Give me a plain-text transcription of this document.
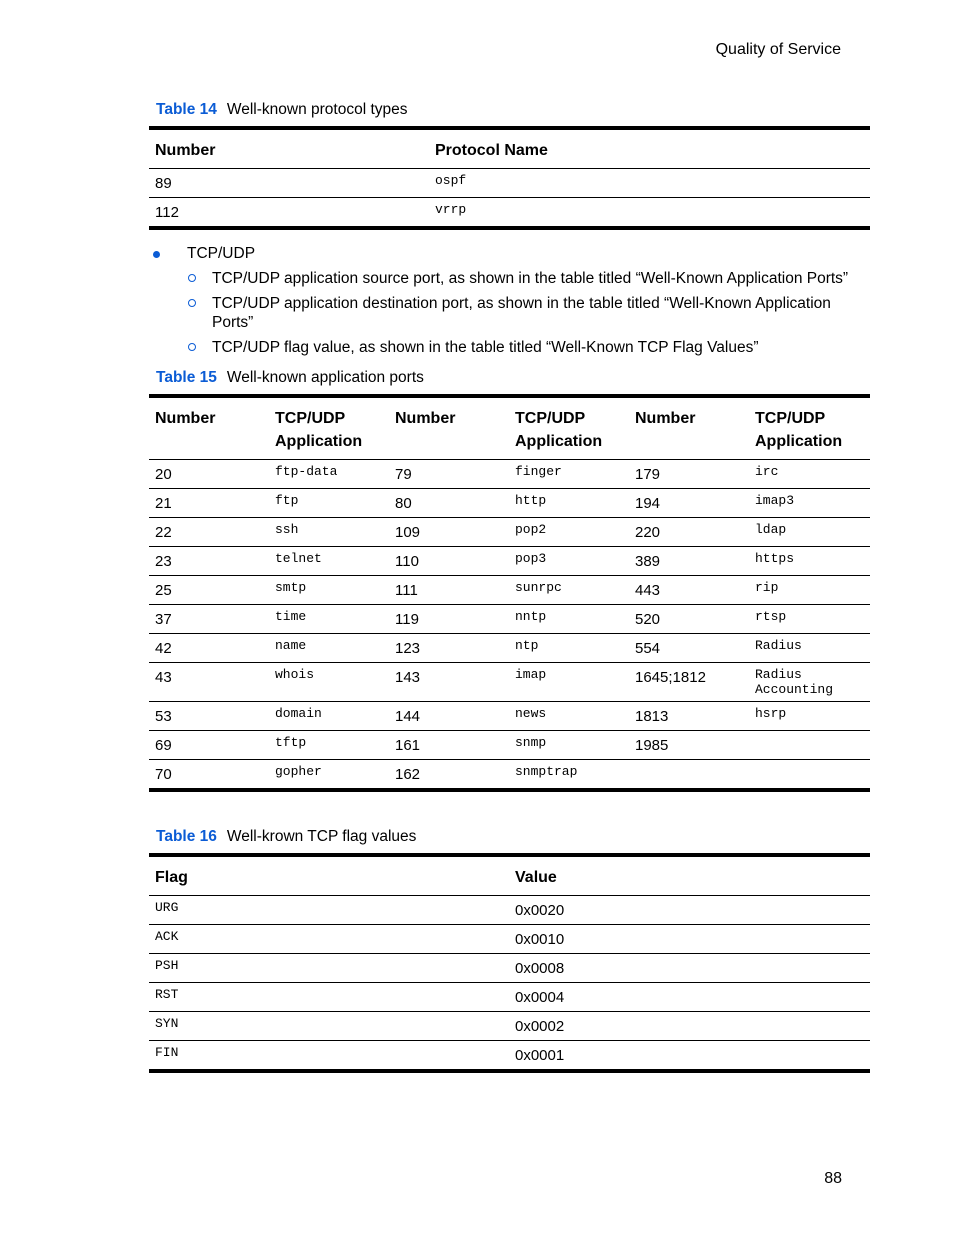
Quality of Service
Table 14 Well-known protocol types
Number	Protocol Name
89	ospf
112	vrrp
TCP/UDP
TCP/UDP application source port, as shown in the table titled “Well-Known Application Ports”
TCP/UDP application destination port, as shown in the table titled “Well-Known Application Ports”
TCP/UDP flag value, as shown in the table titled “Well-Known TCP Flag Values”
Table 15 Well-known application ports
Number	TCP/UDP Application	Number	TCP/UDP Application	Number	TCP/UDP Application
20	ftp-data	79	finger	179	irc
21	ftp	80	http	194	imap3
22	ssh	109	pop2	220	ldap
23	telnet	110	pop3	389	https
25	smtp	111	sunrpc	443	rip
37	time	119	nntp	520	rtsp
42	name	123	ntp	554	Radius
43	whois	143	imap	1645;1812	Radius Accounting
53	domain	144	news	1813	hsrp
69	tftp	161	snmp	1985	
70	gopher	162	snmptrap		
Table 16 Well-krown TCP flag values
Flag	Value
URG	0x0020
ACK	0x0010
PSH	0x0008
RST	0x0004
SYN	0x0002
FIN	0x0001
88
